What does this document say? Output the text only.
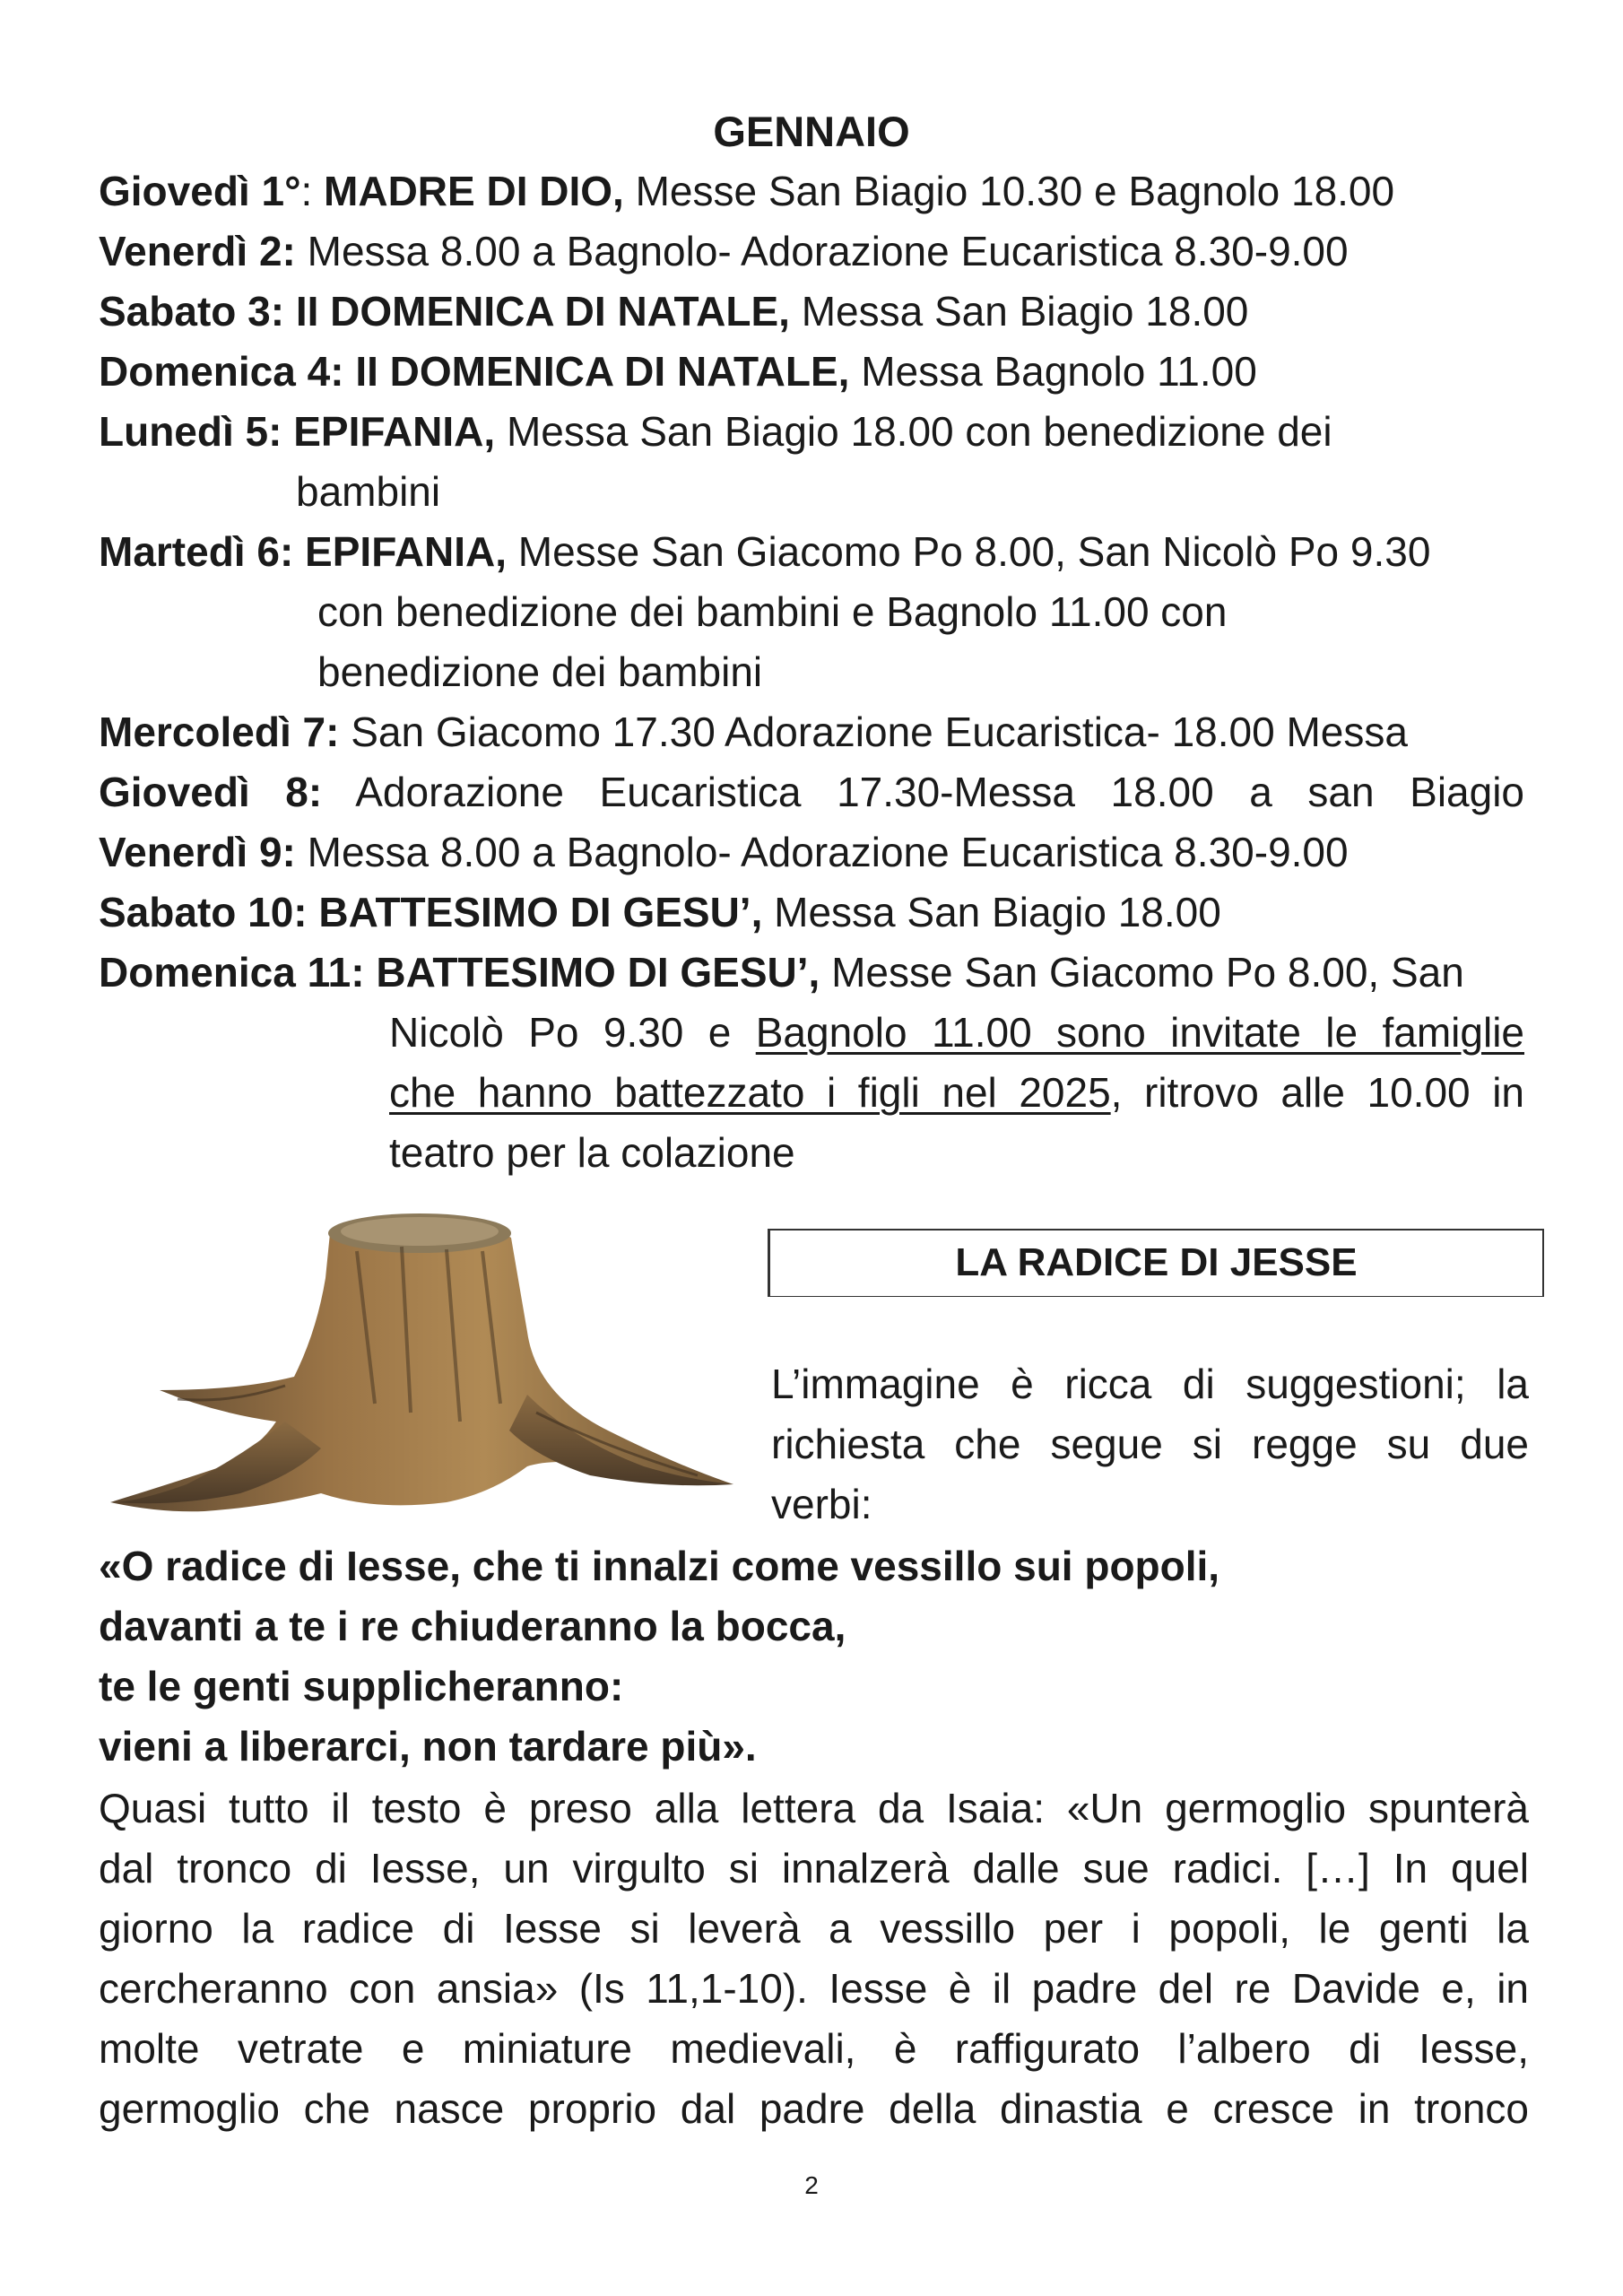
GENNAIO
Giovedì 1°: MADRE DI DIO, Messe San Biagio 10.30 e Bagnolo 18.00
Venerdì 2: Messa 8.00 a Bagnolo- Adorazione Eucaristica 8.30-9.00
Sabato 3: II DOMENICA DI NATALE, Messa San Biagio 18.00
Domenica 4: II DOMENICA DI NATALE, Messa Bagnolo 11.00
Lunedì 5: EPIFANIA, Messa San Biagio 18.00 con benedizione dei
bambini
Martedì 6: EPIFANIA, Messe San Giacomo Po 8.00, San Nicolò Po 9.30
con benedizione dei bambini e Bagnolo 11.00 con
benedizione dei bambini
Mercoledì 7: San Giacomo 17.30 Adorazione Eucaristica- 18.00 Messa
Giovedì 8: Adorazione Eucaristica 17.30-Messa 18.00 a san Biagio
Venerdì 9: Messa 8.00 a Bagnolo- Adorazione Eucaristica 8.30-9.00
Sabato 10: BATTESIMO DI GESU’, Messa San Biagio 18.00
Domenica 11: BATTESIMO DI GESU’, Messe San Giacomo Po 8.00, San
Nicolò Po 9.30 e Bagnolo 11.00 sono invitate le famiglie
che hanno battezzato i figli nel 2025, ritrovo alle 10.00 in
teatro per la colazione
LA RADICE DI JESSE
L’immagine è ricca di suggestioni; la richiesta che segue si regge su due verbi:
«O radice di Iesse, che ti innalzi come vessillo sui popoli,
davanti a te i re chiuderanno la bocca,
te le genti supplicheranno:
vieni a liberarci, non tardare più».
Quasi tutto il testo è preso alla lettera da Isaia: «Un germoglio spunterà
dal tronco di Iesse, un virgulto si innalzerà dalle sue radici. […] In quel
giorno la radice di Iesse si leverà a vessillo per i popoli, le genti la
cercheranno con ansia» (Is 11,1-10). Iesse è il padre del re Davide e, in
molte vetrate e miniature medievali, è raffigurato l’albero di Iesse,
germoglio che nasce proprio dal padre della dinastia e cresce in tronco
2
